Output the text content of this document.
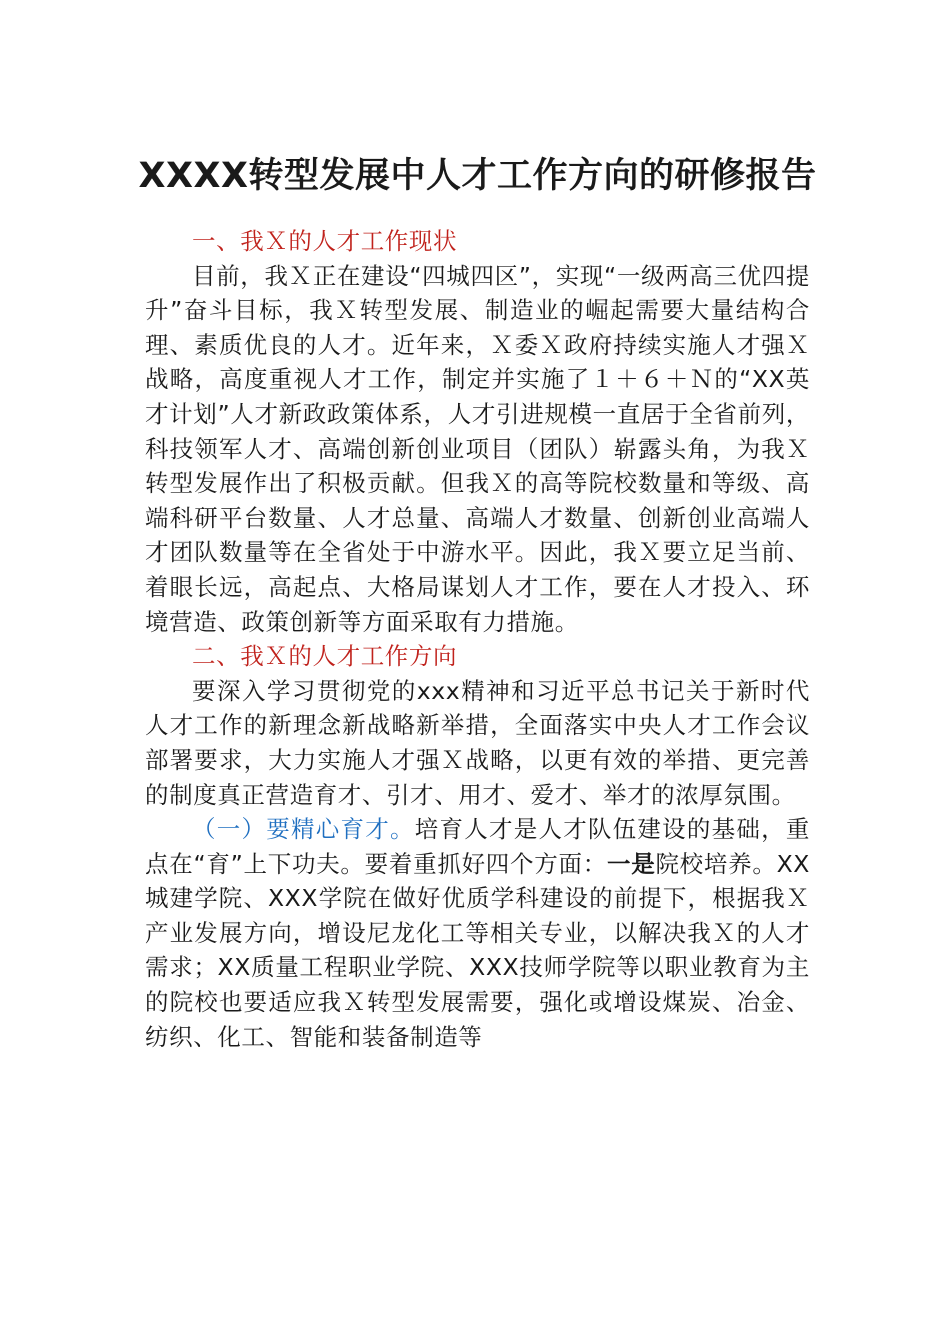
XXXX转型发展中人才工作方向的研修报告

一、我Ｘ的人才工作现状

目前，我Ｘ正在建设“四城四区”，实现“一级两高三优四提升”奋斗目标，我Ｘ转型发展、制造业的崛起需要大量结构合理、素质优良的人才。近年来，Ｘ委Ｘ政府持续实施人才强Ｘ战略，高度重视人才工作，制定并实施了１＋６＋Ｎ的“XX英才计划”人才新政政策体系，人才引进规模一直居于全省前列，科技领军人才、高端创新创业项目（团队）崭露头角，为我Ｘ转型发展作出了积极贡献。但我Ｘ的高等院校数量和等级、高端科研平台数量、人才总量、高端人才数量、创新创业高端人才团队数量等在全省处于中游水平。因此，我Ｘ要立足当前、着眼长远，高起点、大格局谋划人才工作，要在人才投入、环境营造、政策创新等方面采取有力措施。

二、我Ｘ的人才工作方向

要深入学习贯彻党的xxx精神和习近平总书记关于新时代人才工作的新理念新战略新举措，全面落实中央人才工作会议部署要求，大力实施人才强Ｘ战略，以更有效的举措、更完善的制度真正营造育才、引才、用才、爱才、举才的浓厚氛围。

（一）要精心育才。培育人才是人才队伍建设的基础，重点在“育”上下功夫。要着重抓好四个方面：一是院校培养。XX城建学院、XXX学院在做好优质学科建设的前提下，根据我Ｘ产业发展方向，增设尼龙化工等相关专业，以解决我Ｘ的人才需求；XX质量工程职业学院、XXX技师学院等以职业教育为主的院校也要适应我Ｘ转型发展需要，强化或增设煤炭、冶金、纺织、化工、智能和装备制造等
